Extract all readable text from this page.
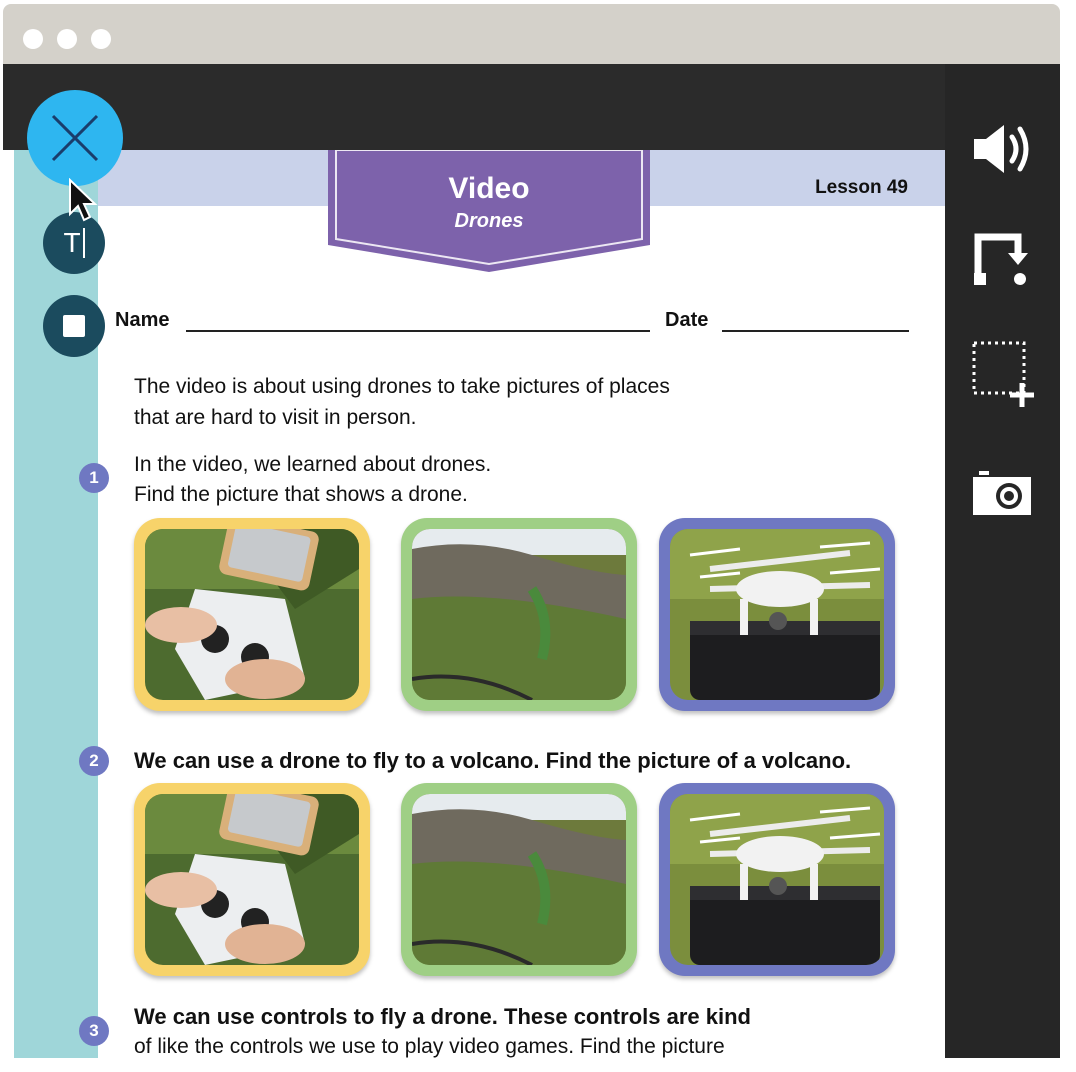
Lesson 49
Video
Drones
Name	Date
The video is about using drones to take pictures of places
that are hard to visit in person.
1
In the video, we learned about drones.
Find the picture that shows a drone.
2	We can use a drone to fly to a volcano. Find the picture of a volcano.
3
We can use controls to fly a drone. These controls are kind
of like the controls we use to play video games. Find the picture
T
